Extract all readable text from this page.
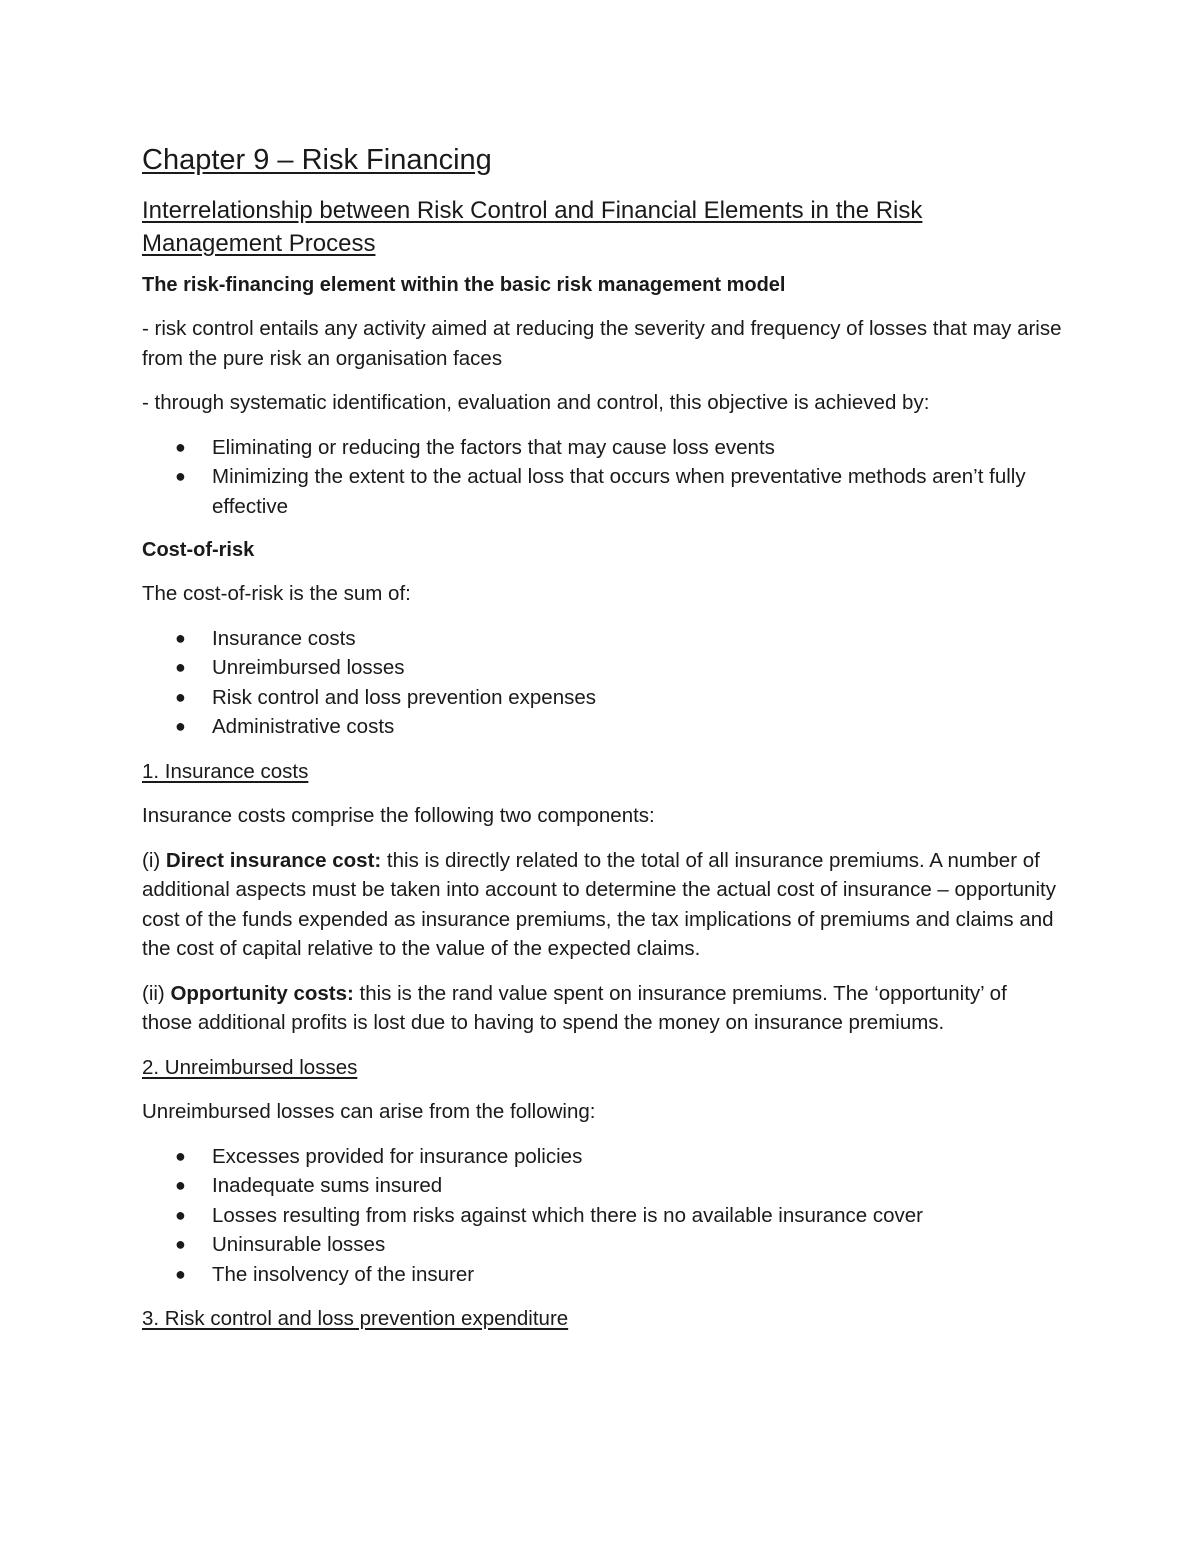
Chapter 9 – Risk Financing
Interrelationship between Risk Control and Financial Elements in the Risk Management Process
The risk-financing element within the basic risk management model

- risk control entails any activity aimed at reducing the severity and frequency of losses that may arise from the pure risk an organisation faces

- through systematic identification, evaluation and control, this objective is achieved by:

● Eliminating or reducing the factors that may cause loss events
● Minimizing the extent to the actual loss that occurs when preventative methods aren’t fully effective
Cost-of-risk

The cost-of-risk is the sum of:

● Insurance costs
● Unreimbursed losses
● Risk control and loss prevention expenses
● Administrative costs

1. Insurance costs

Insurance costs comprise the following two components:

(i) Direct insurance cost: this is directly related to the total of all insurance premiums. A number of additional aspects must be taken into account to determine the actual cost of insurance – opportunity cost of the funds expended as insurance premiums, the tax implications of premiums and claims and the cost of capital relative to the value of the expected claims.

(ii) Opportunity costs: this is the rand value spent on insurance premiums. The ‘opportunity’ of those additional profits is lost due to having to spend the money on insurance premiums.

2. Unreimbursed losses

Unreimbursed losses can arise from the following:

● Excesses provided for insurance policies
● Inadequate sums insured
● Losses resulting from risks against which there is no available insurance cover
● Uninsurable losses
● The insolvency of the insurer

3. Risk control and loss prevention expenditure
